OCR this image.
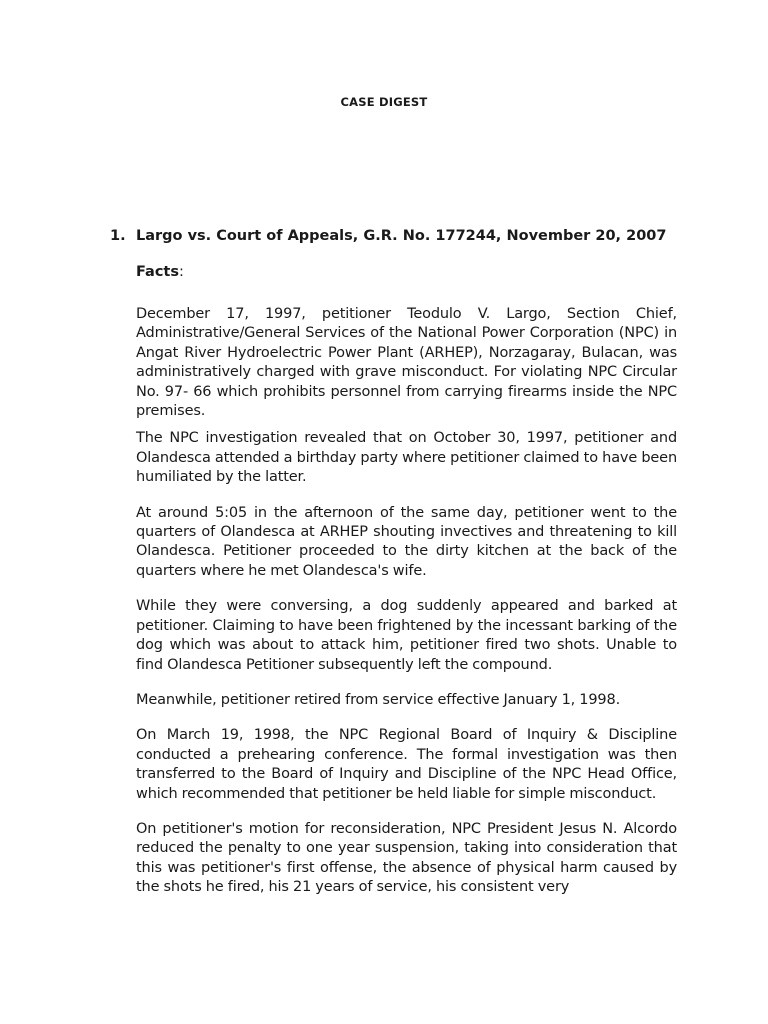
CASE DIGEST
1. Largo vs. Court of Appeals, G.R. No. 177244, November 20, 2007
Facts:

December 17, 1997, petitioner Teodulo V. Largo, Section Chief, Administrative/General Services of the National Power Corporation (NPC) in Angat River Hydroelectric Power Plant (ARHEP), Norzagaray, Bulacan, was administratively charged with grave misconduct. For violating NPC Circular No. 97- 66 which prohibits personnel from carrying firearms inside the NPC premises.

The NPC investigation revealed that on October 30, 1997, petitioner and Olandesca attended a birthday party where petitioner claimed to have been humiliated by the latter.

At around 5:05 in the afternoon of the same day, petitioner went to the quarters of Olandesca at ARHEP shouting invectives and threatening to kill Olandesca. Petitioner proceeded to the dirty kitchen at the back of the quarters where he met Olandesca's wife.

While they were conversing, a dog suddenly appeared and barked at petitioner. Claiming to have been frightened by the incessant barking of the dog which was about to attack him, petitioner fired two shots. Unable to find Olandesca Petitioner subsequently left the compound.

Meanwhile, petitioner retired from service effective January 1, 1998.

On March 19, 1998, the NPC Regional Board of Inquiry & Discipline conducted a prehearing conference. The formal investigation was then transferred to the Board of Inquiry and Discipline of the NPC Head Office, which recommended that petitioner be held liable for simple misconduct.

On petitioner's motion for reconsideration, NPC President Jesus N. Alcordo reduced the penalty to one year suspension, taking into consideration that this was petitioner's first offense, the absence of physical harm caused by the shots he fired, his 21 years of service, his consistent very
